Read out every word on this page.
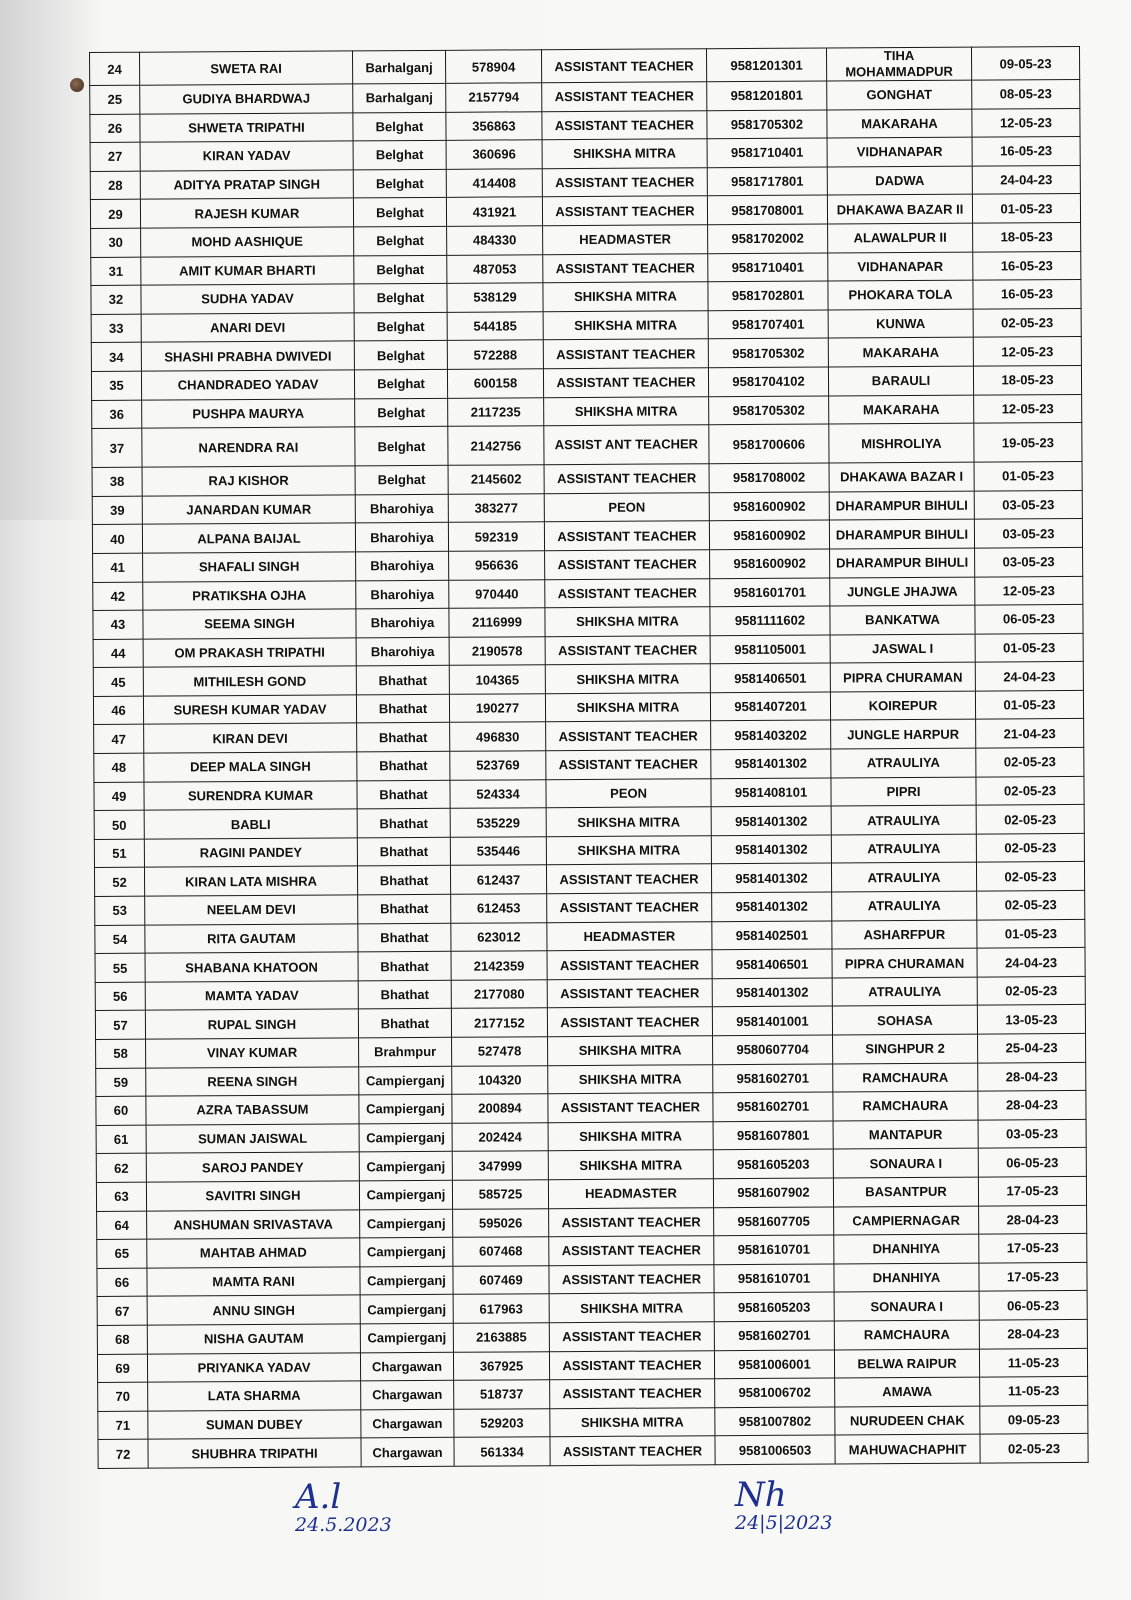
24	SWETA RAI	Barhalganj	578904	ASSISTANT TEACHER	9581201301	TIHA MOHAMMADPUR	09-05-23
25	GUDIYA BHARDWAJ	Barhalganj	2157794	ASSISTANT TEACHER	9581201801	GONGHAT	08-05-23
26	SHWETA TRIPATHI	Belghat	356863	ASSISTANT TEACHER	9581705302	MAKARAHA	12-05-23
27	KIRAN YADAV	Belghat	360696	SHIKSHA MITRA	9581710401	VIDHANAPAR	16-05-23
28	ADITYA PRATAP SINGH	Belghat	414408	ASSISTANT TEACHER	9581717801	DADWA	24-04-23
29	RAJESH KUMAR	Belghat	431921	ASSISTANT TEACHER	9581708001	DHAKAWA BAZAR II	01-05-23
30	MOHD AASHIQUE	Belghat	484330	HEADMASTER	9581702002	ALAWALPUR II	18-05-23
31	AMIT KUMAR BHARTI	Belghat	487053	ASSISTANT TEACHER	9581710401	VIDHANAPAR	16-05-23
32	SUDHA YADAV	Belghat	538129	SHIKSHA MITRA	9581702801	PHOKARA TOLA	16-05-23
33	ANARI DEVI	Belghat	544185	SHIKSHA MITRA	9581707401	KUNWA	02-05-23
34	SHASHI PRABHA DWIVEDI	Belghat	572288	ASSISTANT TEACHER	9581705302	MAKARAHA	12-05-23
35	CHANDRADEO YADAV	Belghat	600158	ASSISTANT TEACHER	9581704102	BARAULI	18-05-23
36	PUSHPA MAURYA	Belghat	2117235	SHIKSHA MITRA	9581705302	MAKARAHA	12-05-23
37	NARENDRA RAI	Belghat	2142756	ASSIST ANT TEACHER	9581700606	MISHROLIYA	19-05-23
38	RAJ KISHOR	Belghat	2145602	ASSISTANT TEACHER	9581708002	DHAKAWA BAZAR I	01-05-23
39	JANARDAN KUMAR	Bharohiya	383277	PEON	9581600902	DHARAMPUR BIHULI	03-05-23
40	ALPANA BAIJAL	Bharohiya	592319	ASSISTANT TEACHER	9581600902	DHARAMPUR BIHULI	03-05-23
41	SHAFALI SINGH	Bharohiya	956636	ASSISTANT TEACHER	9581600902	DHARAMPUR BIHULI	03-05-23
42	PRATIKSHA OJHA	Bharohiya	970440	ASSISTANT TEACHER	9581601701	JUNGLE JHAJWA	12-05-23
43	SEEMA SINGH	Bharohiya	2116999	SHIKSHA MITRA	9581111602	BANKATWA	06-05-23
44	OM PRAKASH TRIPATHI	Bharohiya	2190578	ASSISTANT TEACHER	9581105001	JASWAL I	01-05-23
45	MITHILESH GOND	Bhathat	104365	SHIKSHA MITRA	9581406501	PIPRA CHURAMAN	24-04-23
46	SURESH KUMAR YADAV	Bhathat	190277	SHIKSHA MITRA	9581407201	KOIREPUR	01-05-23
47	KIRAN DEVI	Bhathat	496830	ASSISTANT TEACHER	9581403202	JUNGLE HARPUR	21-04-23
48	DEEP MALA SINGH	Bhathat	523769	ASSISTANT TEACHER	9581401302	ATRAULIYA	02-05-23
49	SURENDRA KUMAR	Bhathat	524334	PEON	9581408101	PIPRI	02-05-23
50	BABLI	Bhathat	535229	SHIKSHA MITRA	9581401302	ATRAULIYA	02-05-23
51	RAGINI PANDEY	Bhathat	535446	SHIKSHA MITRA	9581401302	ATRAULIYA	02-05-23
52	KIRAN LATA MISHRA	Bhathat	612437	ASSISTANT TEACHER	9581401302	ATRAULIYA	02-05-23
53	NEELAM DEVI	Bhathat	612453	ASSISTANT TEACHER	9581401302	ATRAULIYA	02-05-23
54	RITA GAUTAM	Bhathat	623012	HEADMASTER	9581402501	ASHARFPUR	01-05-23
55	SHABANA KHATOON	Bhathat	2142359	ASSISTANT TEACHER	9581406501	PIPRA CHURAMAN	24-04-23
56	MAMTA YADAV	Bhathat	2177080	ASSISTANT TEACHER	9581401302	ATRAULIYA	02-05-23
57	RUPAL SINGH	Bhathat	2177152	ASSISTANT TEACHER	9581401001	SOHASA	13-05-23
58	VINAY KUMAR	Brahmpur	527478	SHIKSHA MITRA	9580607704	SINGHPUR 2	25-04-23
59	REENA SINGH	Campierganj	104320	SHIKSHA MITRA	9581602701	RAMCHAURA	28-04-23
60	AZRA TABASSUM	Campierganj	200894	ASSISTANT TEACHER	9581602701	RAMCHAURA	28-04-23
61	SUMAN JAISWAL	Campierganj	202424	SHIKSHA MITRA	9581607801	MANTAPUR	03-05-23
62	SAROJ PANDEY	Campierganj	347999	SHIKSHA MITRA	9581605203	SONAURA I	06-05-23
63	SAVITRI SINGH	Campierganj	585725	HEADMASTER	9581607902	BASANTPUR	17-05-23
64	ANSHUMAN SRIVASTAVA	Campierganj	595026	ASSISTANT TEACHER	9581607705	CAMPIERNAGAR	28-04-23
65	MAHTAB AHMAD	Campierganj	607468	ASSISTANT TEACHER	9581610701	DHANHIYA	17-05-23
66	MAMTA RANI	Campierganj	607469	ASSISTANT TEACHER	9581610701	DHANHIYA	17-05-23
67	ANNU SINGH	Campierganj	617963	SHIKSHA MITRA	9581605203	SONAURA I	06-05-23
68	NISHA GAUTAM	Campierganj	2163885	ASSISTANT TEACHER	9581602701	RAMCHAURA	28-04-23
69	PRIYANKA YADAV	Chargawan	367925	ASSISTANT TEACHER	9581006001	BELWA RAIPUR	11-05-23
70	LATA SHARMA	Chargawan	518737	ASSISTANT TEACHER	9581006702	AMAWA	11-05-23
71	SUMAN DUBEY	Chargawan	529203	SHIKSHA MITRA	9581007802	NURUDEEN CHAK	09-05-23
72	SHUBHRA TRIPATHI	Chargawan	561334	ASSISTANT TEACHER	9581006503	MAHUWACHAPHIT	02-05-23
A.l
24.5.2023
Nh
24|5|2023
